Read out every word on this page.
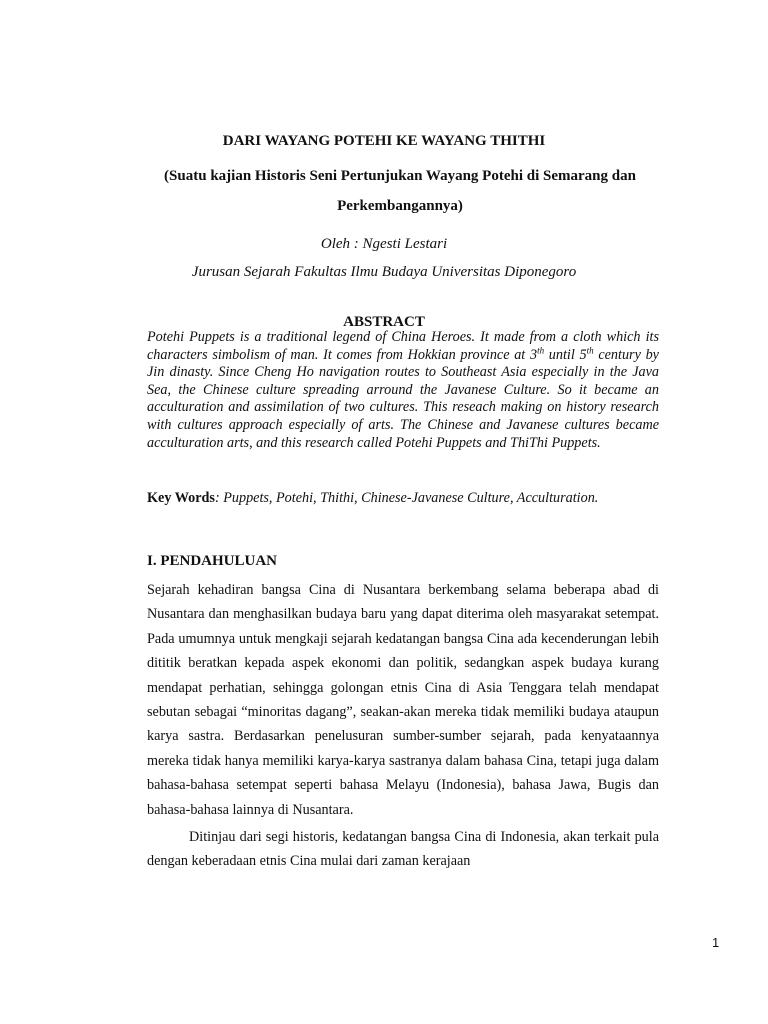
DARI WAYANG POTEHI KE WAYANG THITHI
(Suatu kajian Historis Seni Pertunjukan Wayang Potehi di Semarang dan Perkembangannya)
Oleh : Ngesti Lestari
Jurusan Sejarah Fakultas Ilmu Budaya Universitas Diponegoro
ABSTRACT
Potehi Puppets is a traditional legend of China Heroes. It made from a cloth which its characters simbolism of man. It comes from Hokkian province at 3th until 5th century by Jin dinasty. Since Cheng Ho navigation routes to Southeast Asia especially in the Java Sea, the Chinese culture spreading arround the Javanese Culture. So it became an acculturation and assimilation of two cultures. This reseach making on history research with cultures approach especially of arts. The Chinese and Javanese cultures became acculturation arts, and this research called Potehi Puppets and ThiThi Puppets.
Key Words: Puppets, Potehi, Thithi, Chinese-Javanese Culture, Acculturation.
I. PENDAHULUAN

Sejarah kehadiran bangsa Cina di Nusantara berkembang selama beberapa abad di Nusantara dan menghasilkan budaya baru yang dapat diterima oleh masyarakat setempat. Pada umumnya untuk mengkaji sejarah kedatangan bangsa Cina ada kecenderungan lebih dititik beratkan kepada aspek ekonomi dan politik, sedangkan aspek budaya kurang mendapat perhatian, sehingga golongan etnis Cina di Asia Tenggara telah mendapat sebutan sebagai “minoritas dagang”, seakan-akan mereka tidak memiliki budaya ataupun karya sastra. Berdasarkan penelusuran sumber-sumber sejarah, pada kenyataannya mereka tidak hanya memiliki karya-karya sastranya dalam bahasa Cina, tetapi juga dalam bahasa-bahasa setempat seperti bahasa Melayu (Indonesia), bahasa Jawa, Bugis dan bahasa-bahasa lainnya di Nusantara.

Ditinjau dari segi historis, kedatangan bangsa Cina di Indonesia, akan terkait pula dengan keberadaan etnis Cina mulai dari zaman kerajaan

1
